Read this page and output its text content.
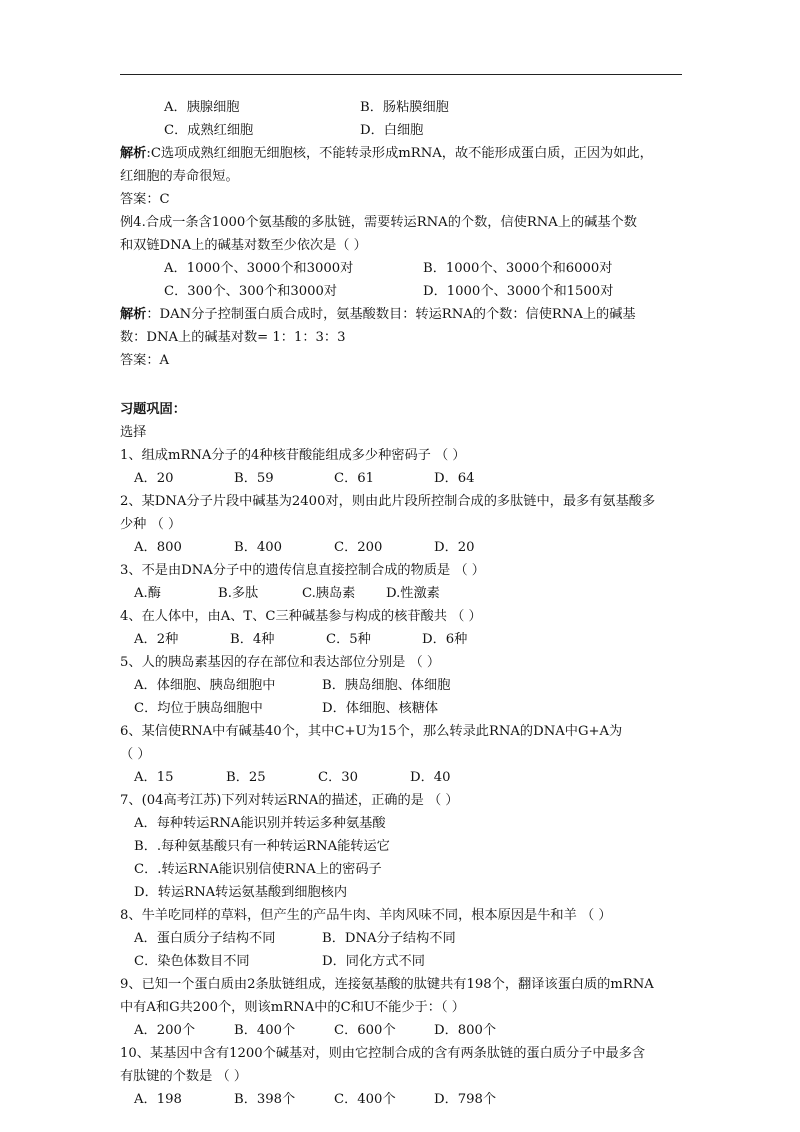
A．胰腺细胞	B．肠粘膜细胞
C．成熟红细胞	D．白细胞
解析:C选项成熟红细胞无细胞核，不能转录形成mRNA，故不能形成蛋白质，正因为如此，
红细胞的寿命很短。
答案：C
例4.合成一条含1000个氨基酸的多肽链，需要转运RNA的个数，信使RNA上的碱基个数
和双链DNA上的碱基对数至少依次是（ ）
A．1000个、3000个和3000对	B．1000个、3000个和6000对
C．300个、300个和3000对	D．1000个、3000个和1500对
解析：DAN分子控制蛋白质合成时，氨基酸数目：转运RNA的个数：信使RNA上的碱基
数：DNA上的碱基对数= 1：1：3：3
答案：A
习题巩固：
选择
1、组成mRNA分子的4种核苷酸能组成多少种密码子 （ ）
A．20	B．59	C．61	D．64
2、某DNA分子片段中碱基为2400对，则由此片段所控制合成的多肽链中，最多有氨基酸多
少种 （ ）
A．800	B．400	C．200	D．20
3、不是由DNA分子中的遗传信息直接控制合成的物质是 （ ）
A.酶	B.多肽	C.胰岛素	D.性激素
4、在人体中，由A、T、C三种碱基参与构成的核苷酸共 （ ）
A．2种	B．4种	C．5种	D．6种
5、人的胰岛素基因的存在部位和表达部位分别是 （ ）
A．体细胞、胰岛细胞中	B．胰岛细胞、体细胞
C．均位于胰岛细胞中	D．体细胞、核糖体
6、某信使RNA中有碱基40个，其中C+U为15个，那么转录此RNA的DNA中G+A为
（ ）
A．15	B．25	C．30	D．40
7、(04高考江苏)下列对转运RNA的描述，正确的是 （ ）
A．每种转运RNA能识别并转运多种氨基酸
B．.每种氨基酸只有一种转运RNA能转运它
C．.转运RNA能识别信使RNA上的密码子
D．转运RNA转运氨基酸到细胞核内
8、牛羊吃同样的草料，但产生的产品牛肉、羊肉风味不同，根本原因是牛和羊 （ ）
A．蛋白质分子结构不同	B．DNA分子结构不同
C．染色体数目不同	D．同化方式不同
9、已知一个蛋白质由2条肽链组成，连接氨基酸的肽键共有198个，翻译该蛋白质的mRNA
中有A和G共200个，则该mRNA中的C和U不能少于：（ ）
A．200个	B．400个	C．600个	D．800个
10、某基因中含有1200个碱基对，则由它控制合成的含有两条肽链的蛋白质分子中最多含
有肽键的个数是 （ ）
A．198	B．398个	C．400个	D．798个
